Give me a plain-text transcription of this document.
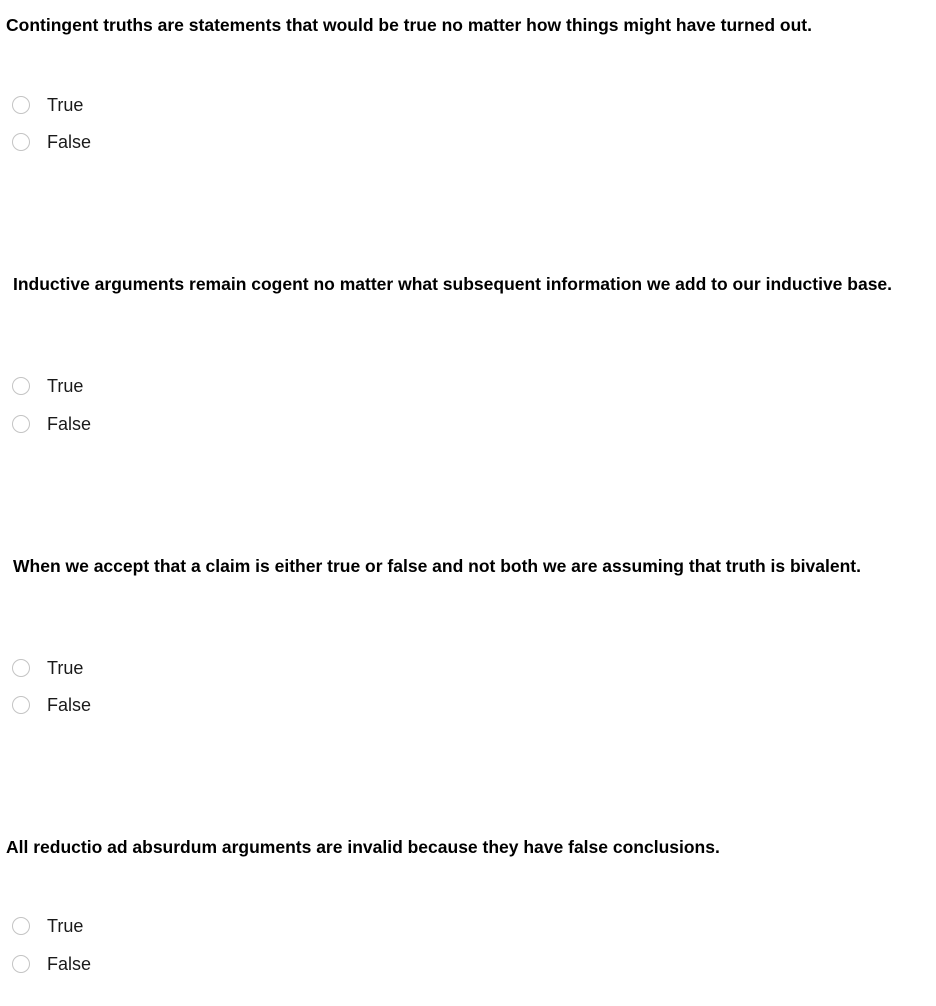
Contingent truths are statements that would be true no matter how things might have turned out.

True
False

Inductive arguments remain cogent no matter what subsequent information we add to our inductive base.

True
False

When we accept that a claim is either true or false and not both we are assuming that truth is bivalent.

True
False

All reductio ad absurdum arguments are invalid because they have false conclusions.

True
False
